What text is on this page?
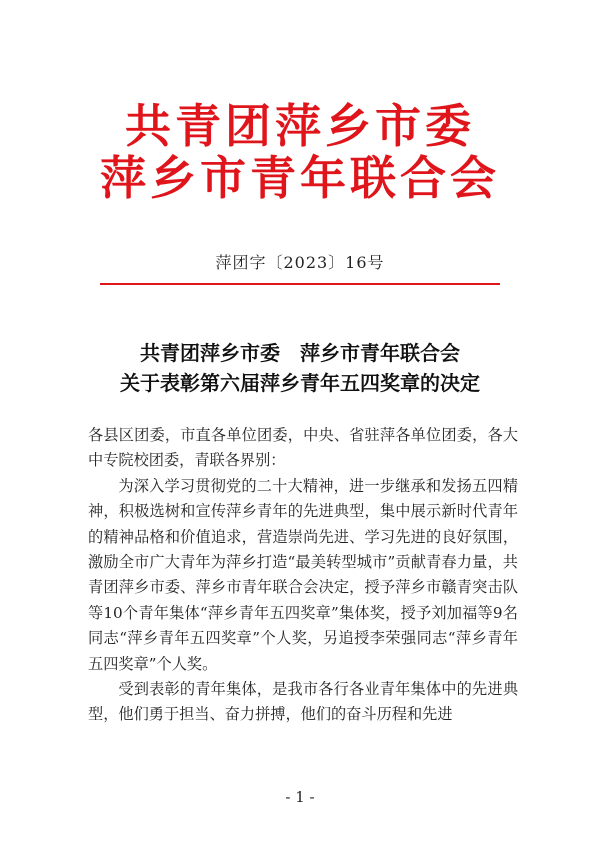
共青团萍乡市委
萍乡市青年联合会
萍团字〔2023〕16号
共青团萍乡市委　萍乡市青年联合会
关于表彰第六届萍乡青年五四奖章的决定

各县区团委，市直各单位团委，中央、省驻萍各单位团委，各大中专院校团委，青联各界别：

为深入学习贯彻党的二十大精神，进一步继承和发扬五四精神，积极选树和宣传萍乡青年的先进典型，集中展示新时代青年的精神品格和价值追求，营造崇尚先进、学习先进的良好氛围，激励全市广大青年为萍乡打造“最美转型城市”贡献青春力量，共青团萍乡市委、萍乡市青年联合会决定，授予萍乡市赣青突击队等10个青年集体“萍乡青年五四奖章”集体奖，授予刘加福等9名同志“萍乡青年五四奖章”个人奖，另追授李荣强同志“萍乡青年五四奖章”个人奖。

受到表彰的青年集体，是我市各行各业青年集体中的先进典型，他们勇于担当、奋力拼搏，他们的奋斗历程和先进

- 1 -
